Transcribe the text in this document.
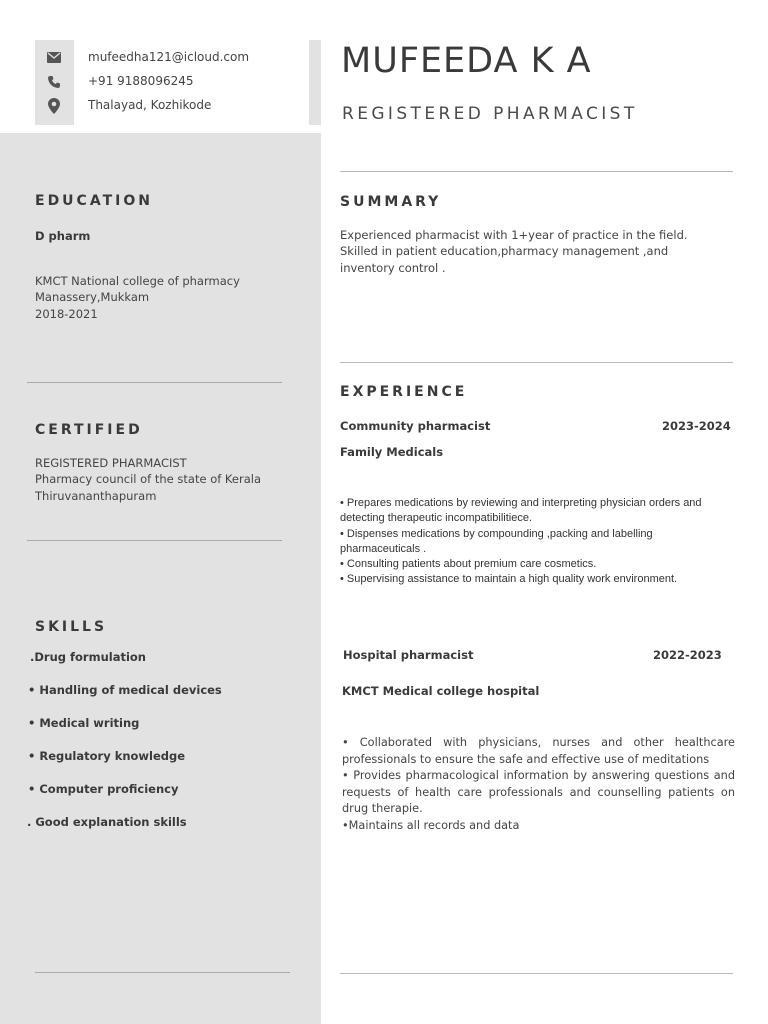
mufeedha121@icloud.com
+91 9188096245
Thalayad, Kozhikode
MUFEEDA K A
REGISTERED PHARMACIST
EDUCATION
D pharm
KMCT National college of pharmacy
Manassery,Mukkam
2018-2021
CERTIFIED
REGISTERED PHARMACIST
Pharmacy council of the state of Kerala
Thiruvananthapuram
SKILLS
.Drug formulation
• Handling of medical devices
• Medical writing
• Regulatory knowledge
• Computer proficiency
. Good explanation skills
SUMMARY
Experienced pharmacist with 1+year of practice in the field.
Skilled in patient education,pharmacy management ,and
inventory control .
EXPERIENCE
Community pharmacist	2023-2024
Family Medicals

• Prepares medications by reviewing and interpreting physician orders and detecting therapeutic incompatibilitiece.

• Dispenses medications by compounding ,packing and labelling pharmaceuticals .

• Consulting patients about premium care cosmetics.

• Supervising assistance to maintain a high quality work environment.

Hospital pharmacist	2022-2023
KMCT Medical college hospital

• Collaborated with physicians, nurses and other healthcare professionals to ensure the safe and effective use of meditations

• Provides pharmacological information by answering questions and requests of health care professionals and counselling patients on drug therapie.

•Maintains all records and data
